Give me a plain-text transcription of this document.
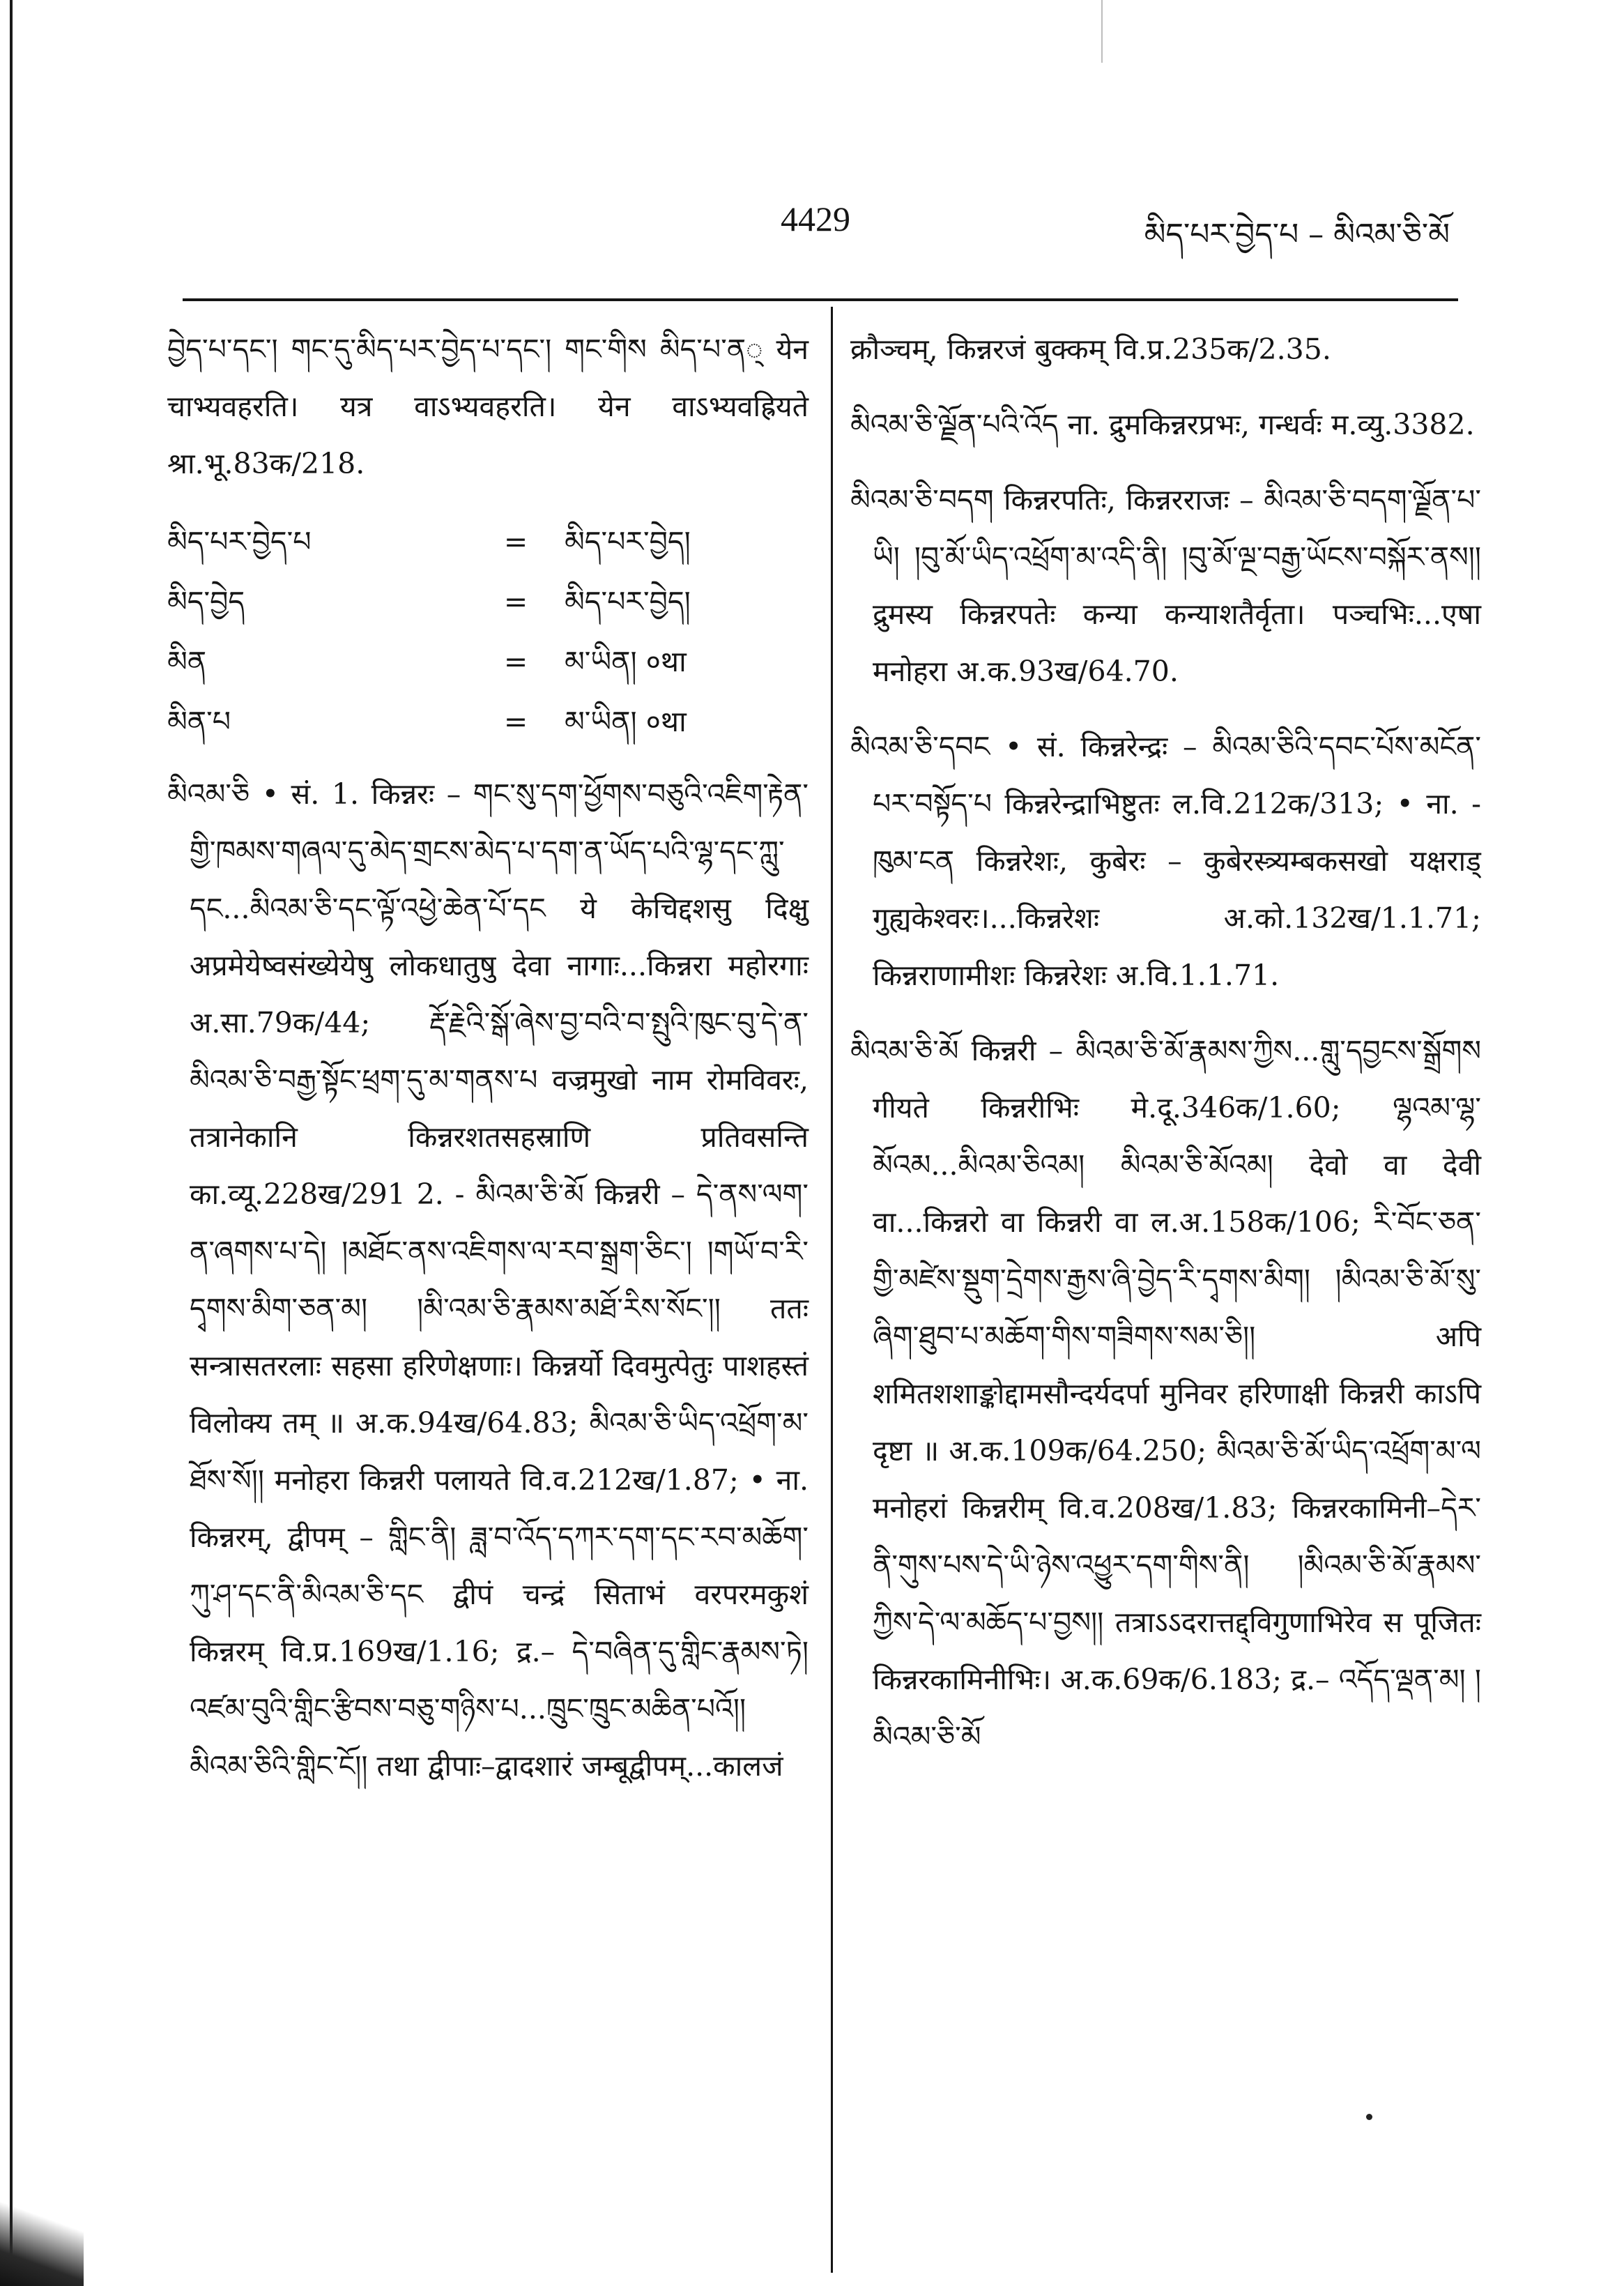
4429	མིད་པར་བྱེད་པ – མིའམ་ཅི་མོ

བྱེད་པ་དང་། གང་དུ་མིད་པར་བྱེད་པ་དང་། གང་གིས མིད་པ་ན् येन चाभ्यवहरति। यत्र वाऽभ्यवहरति। येन वाऽभ्यवह्रियते श्रा.भू.83क/218.

མིད་པར་བྱེད་པ	=	མིད་པར་བྱེད།
མིད་བྱེད	=	མིད་པར་བྱེད།
མིན	=	མ་ཡིན། ०था
མིན་པ	=	མ་ཡིན། ०था

མིའམ་ཅི • सं. 1. किन्नरः – གང་སུ་དག་ཕྱོགས་བཅུའི་འཇིག་རྟེན་གྱི་ཁམས་གཞལ་དུ་མེད་གྲངས་མེད་པ་དག་ན་ཡོད་པའི་ལྷ་དང་ཀླུ་དང...མིའམ་ཅི་དང་ལྟོ་འཕྱེ་ཆེན་པོ་དང ये केचिद्दशसु दिक्षु अप्रमेयेष्वसंख्येयेषु लोकधातुषु देवा नागाः...किन्नरा महोरगाः अ.सा.79क/44; རྡོ་རྗེའི་སྒོ་ཞེས་བྱ་བའི་བ་སྤུའི་ཁུང་བུ་དེ་ན་མིའམ་ཅི་བརྒྱ་སྟོང་ཕྲག་དུ་མ་གནས་པ वज्रमुखो नाम रोमविवरः, तत्रानेकानि किन्नरशतसहस्राणि प्रतिवसन्ति का.व्यू.228ख/291 2. - མིའམ་ཅི་མོ किन्नरी – དེ་ནས་ལག་ན་ཞགས་པ་དེ། །མཐོང་ནས་འཇིགས་ལ་རབ་སྒྲག་ཅིང་། །གཡོ་བ་རི་དྭགས་མིག་ཅན་མ། །མི་འམ་ཅི་རྣམས་མཐོ་རིས་སོང་།། ततः सन्त्रासतरलाः सहसा हरिणेक्षणाः। किन्नर्यो दिवमुत्पेतुः पाशहस्तं विलोक्य तम् ॥ अ.क.94ख/64.83; མིའམ་ཅི་ཡིད་འཕྲོག་མ་ཐོས་སོ།། मनोहरा किन्नरी पलायते वि.व.212ख/1.87; • ना. किन्नरम्, द्वीपम् – གླིང་ནི། ཟླ་བ་འོད་དཀར་དག་དང་རབ་མཆོག་ཀུ་ཤ་དང་ནི་མིའམ་ཅི་དང द्वीपं चन्द्रं सिताभं वरपरमकुशं किन्नरम् वि.प्र.169ख/1.16; द्र.– དེ་བཞིན་དུ་གླིང་རྣམས་ཏེ། འཛམ་བུའི་གླིང་རྩིབས་བཅུ་གཉིས་པ...ཁྲུང་ཁྲུང་མཆིན་པའོ།། མིའམ་ཅིའི་གླིང་ངོ།། तथा द्वीपाः–द्वादशारं जम्बूद्वीपम्...कालजं

क्रौञ्चम्, किन्नरजं बुक्कम् वि.प्र.235क/2.35.

མིའམ་ཅི་ལྗོན་པའི་འོད ना. द्रुमकिन्नरप्रभः, गन्धर्वः म.व्यु.3382.

མིའམ་ཅི་བདག किन्नरपतिः, किन्नरराजः – མིའམ་ཅི་བདག་ལྗོན་པ་ཡི། །བུ་མོ་ཡིད་འཕྲོག་མ་འདི་ནི། །བུ་མོ་ལྔ་བརྒྱ་ཡོངས་བསྐོར་ནས།། द्रुमस्य किन्नरपतेः कन्या कन्याशतैर्वृता। पञ्चभिः...एषा मनोहरा अ.क.93ख/64.70.

མིའམ་ཅི་དབང • सं. किन्नरेन्द्रः – མིའམ་ཅིའི་དབང་པོས་མངོན་པར་བསྟོད་པ किन्नरेन्द्राभिष्टुतः ल.वि.212क/313; • ना. - ཁུམ་ངན किन्नरेशः, कुबेरः – कुबेरस्त्र्यम्बकसखो यक्षराड् गुह्यकेश्वरः।...किन्नरेशः अ.को.132ख/1.1.71; किन्नराणामीशः किन्नरेशः अ.वि.1.1.71.

མིའམ་ཅི་མོ किन्नरी – མིའམ་ཅི་མོ་རྣམས་ཀྱིས...གླུ་དབྱངས་སྒྲོགས गीयते किन्नरीभिः मे.दू.346क/1.60; ལྷའམ་ལྷ་མོའམ...མིའམ་ཅིའམ། མིའམ་ཅི་མོའམ། देवो वा देवी वा...किन्नरो वा किन्नरी वा ल.अ.158क/106; རི་བོང་ཅན་གྱི་མཛེས་སྡུག་དྲེགས་རྒྱས་ཞི་བྱེད་རི་དྭགས་མིག། །མིའམ་ཅི་མོ་སུ་ཞིག་ཐུབ་པ་མཆོག་གིས་གཟིགས་སམ་ཅི།། अपि शमितशशाङ्कोद्दामसौन्दर्यदर्पा मुनिवर हरिणाक्षी किन्नरी काऽपि दृष्टा ॥ अ.क.109क/64.250; མིའམ་ཅི་མོ་ཡིད་འཕྲོག་མ་ལ मनोहरां किन्नरीम् वि.व.208ख/1.83; किन्नरकामिनी–དེར་ནི་གུས་པས་དེ་ཡི་ཉེས་འཕྱུར་དག་གིས་ནི། །མིའམ་ཅི་མོ་རྣམས་ཀྱིས་དེ་ལ་མཆོད་པ་བྱས།། तत्राऽऽदरात्तद्द्विगुणाभिरेव स पूजितः किन्नरकामिनीभिः। अ.क.69क/6.183; द्र.– འདོད་ལྡན་མ། །མིའམ་ཅི་མོ
